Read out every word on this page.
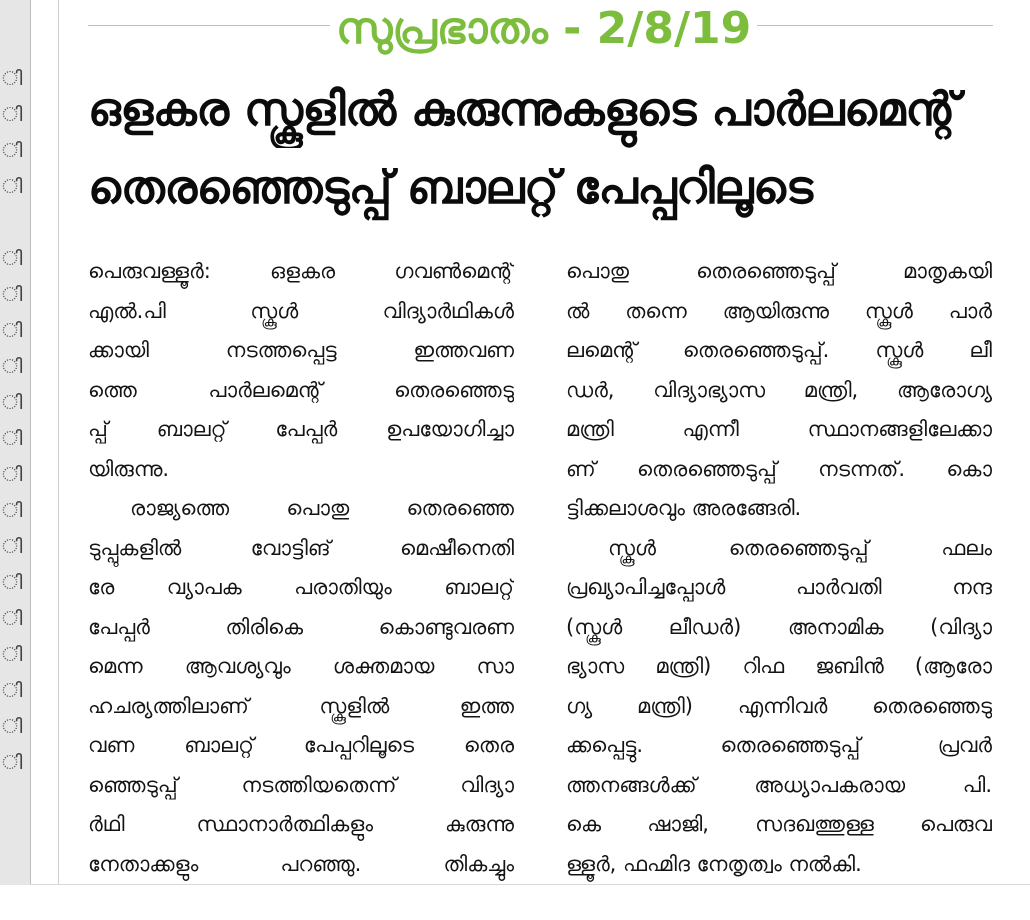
ി
ി
ി
ി

ി
ി
ി
ി
ി
ി
ി
ി
ി
ി
ി
ി
ി
ി
ി
സുപ്രഭാതം - 2/8/19
ഒളകര സ്കൂളിൽ കുരുന്നുകളുടെ പാർലമെന്റ്
തെരഞ്ഞെടുപ്പ് ബാലറ്റ് പേപ്പറിലൂടെ
പെരുവള്ളൂർ: ഒളകര ഗവൺമെന്റ്
എൽ.പി സ്കൂൾ വിദ്യാർഥികൾ
ക്കായി നടത്തപ്പെട്ട ഇത്തവണ
ത്തെ പാർലമെന്റ് തെരഞ്ഞെടു
പ്പ് ബാലറ്റ് പേപ്പർ ഉപയോഗിച്ചാ
യിരുന്നു.
രാജ്യത്തെ പൊതു തെരഞ്ഞെ
ടുപ്പുകളിൽ വോട്ടിങ് മെഷീനെതി
രേ വ്യാപക പരാതിയും ബാലറ്റ്
പേപ്പർ തിരികെ കൊണ്ടുവരണ
മെന്ന ആവശ്യവും ശക്തമായ സാ
ഹചര്യത്തിലാണ് സ്കൂളിൽ ഇത്ത
വണ ബാലറ്റ് പേപ്പറിലൂടെ തെര
ഞ്ഞെടുപ്പ് നടത്തിയതെന്ന് വിദ്യാ
ർഥി സ്ഥാനാർത്ഥികളും കുരുന്നു
നേതാക്കളും പറഞ്ഞു. തികച്ചും
പൊതു തെരഞ്ഞെടുപ്പ് മാതൃകയി
ൽ തന്നെ ആയിരുന്നു സ്കൂൾ പാർ
ലമെന്റ് തെരഞ്ഞെടുപ്പ്. സ്കൂൾ ലീ
ഡർ, വിദ്യാഭ്യാസ മന്ത്രി, ആരോഗ്യ
മന്ത്രി എന്നീ സ്ഥാനങ്ങളിലേക്കാ
ണ് തെരഞ്ഞെടുപ്പ് നടന്നത്. കൊ
ട്ടിക്കലാശവും അരങ്ങേരി.
സ്കൂൾ തെരഞ്ഞെടുപ്പ് ഫലം
പ്രഖ്യാപിച്ചപ്പോൾ പാർവതി നന്ദ
(സ്കൂൾ ലീഡർ) അനാമിക (വിദ്യാ
ഭ്യാസ മന്ത്രി) റിഫ ജബിൻ (ആരോ
ഗ്യ മന്ത്രി) എന്നിവർ തെരഞ്ഞെടു
ക്കപ്പെട്ടു. തെരഞ്ഞെടുപ്പ് പ്രവർ
ത്തനങ്ങൾക്ക് അധ്യാപകരായ പി.
കെ ഷാജി, സദഖത്തുള്ള പെരുവ
ള്ളൂർ, ഫഹ്മിദ നേതൃത്വം നൽകി.
